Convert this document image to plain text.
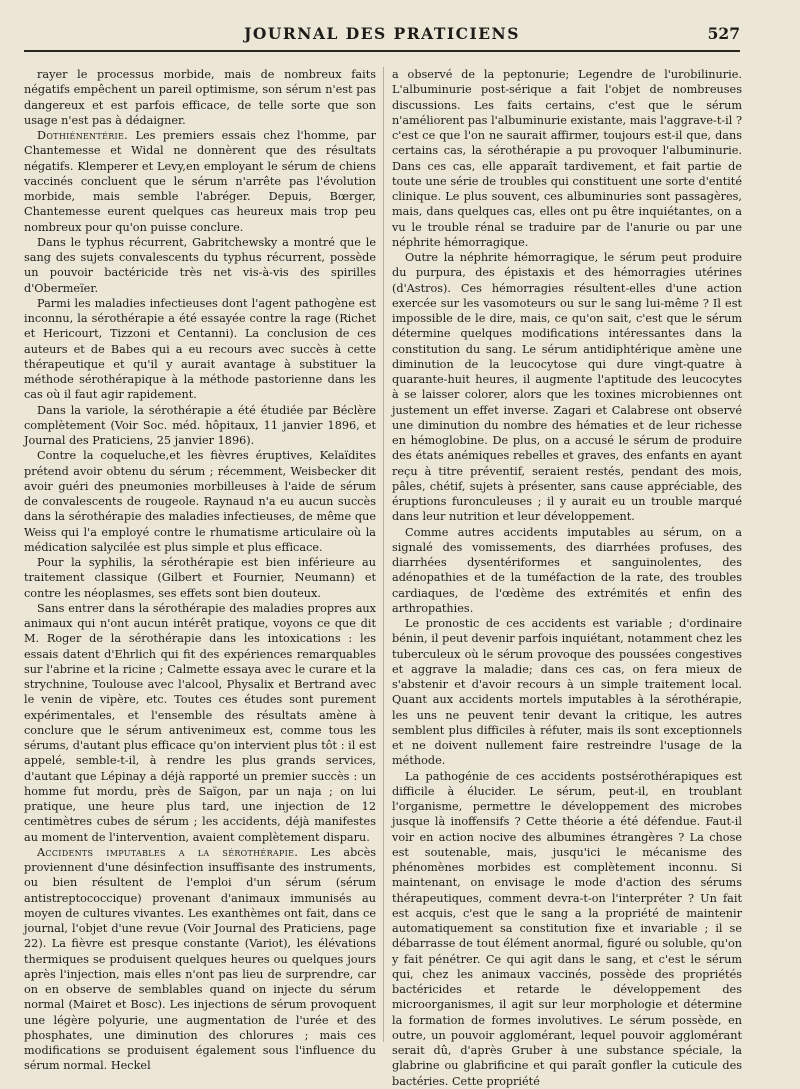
JOURNAL DES PRATICIENS	527

rayer le processus morbide, mais de nombreux faits négatifs empêchent un pareil optimisme, son sérum n'est pas dangereux et est parfois efficace, de telle sorte que son usage n'est pas à dédaigner.

Dothiénentérie. Les premiers essais chez l'homme, par Chantemesse et Widal ne donnèrent que des résultats négatifs. Klemperer et Levy,en employant le sérum de chiens vaccinés concluent que le sérum n'arrête pas l'évolution morbide, mais semble l'abréger. Depuis, Bœrger, Chantemesse eurent quelques cas heureux mais trop peu nombreux pour qu'on puisse conclure.

Dans le typhus récurrent, Gabritchewsky a montré que le sang des sujets convalescents du typhus récurrent, possède un pouvoir bactéricide très net vis-à-vis des spirilles d'Obermeïer.

Parmi les maladies infectieuses dont l'agent pathogène est inconnu, la sérothérapie a été essayée contre la rage (Richet et Hericourt, Tizzoni et Centanni). La conclusion de ces auteurs et de Babes qui a eu recours avec succès à cette thérapeutique et qu'il y aurait avantage à substituer la méthode sérothérapique à la méthode pastorienne dans les cas où il faut agir rapidement.

Dans la variole, la sérothérapie a été étudiée par Béclère complètement (Voir Soc. méd. hôpitaux, 11 janvier 1896, et Journal des Praticiens, 25 janvier 1896).

Contre la coqueluche,et les fièvres éruptives, Kelaïdites prétend avoir obtenu du sérum ; récemment, Weisbecker dit avoir guéri des pneumonies morbilleuses à l'aide de sérum de convalescents de rougeole. Raynaud n'a eu aucun succès dans la sérothérapie des maladies infectieuses, de même que Weiss qui l'a employé contre le rhumatisme articulaire où la médication salycilée est plus simple et plus efficace.

Pour la syphilis, la sérothérapie est bien inférieure au traitement classique (Gilbert et Fournier, Neumann) et contre les néoplasmes, ses effets sont bien douteux.

Sans entrer dans la sérothérapie des maladies propres aux animaux qui n'ont aucun intérêt pratique, voyons ce que dit M. Roger de la sérothérapie dans les intoxications : les essais datent d'Ehrlich qui fit des expériences remarquables sur l'abrine et la ricine ; Calmette essaya avec le curare et la strychnine, Toulouse avec l'alcool, Physalix et Bertrand avec le venin de vipère, etc. Toutes ces études sont purement expérimentales, et l'ensemble des résultats amène à conclure que le sérum antivenimeux est, comme tous les sérums, d'autant plus efficace qu'on intervient plus tôt : il est appelé, semble-t-il, à rendre les plus grands services, d'autant que Lépinay a déjà rapporté un premier succès : un homme fut mordu, près de Saïgon, par un naja ; on lui pratique, une heure plus tard, une injection de 12 centimètres cubes de sérum ; les accidents, déjà manifestes au moment de l'intervention, avaient complètement disparu.

Accidents imputables a la sérothérapie. Les abcès proviennent d'une désinfection insuffisante des instruments, ou bien résultent de l'emploi d'un sérum (sérum antistreptococcique) provenant d'animaux immunisés au moyen de cultures vivantes. Les exanthèmes ont fait, dans ce journal, l'objet d'une revue (Voir Journal des Praticiens, page 22). La fièvre est presque constante (Variot), les élévations thermiques se produisent quelques heures ou quelques jours après l'injection, mais elles n'ont pas lieu de surprendre, car on en observe de semblables quand on injecte du sérum normal (Mairet et Bosc). Les injections de sérum provoquent une légère polyurie, une augmentation de l'urée et des phosphates, une diminution des chlorures ; mais ces modifications se produisent également sous l'influence du sérum normal. Heckel

a observé de la peptonurie; Legendre de l'urobilinurie. L'albuminurie post-sérique a fait l'objet de nombreuses discussions. Les faits certains, c'est que le sérum n'améliorent pas l'albuminurie existante, mais l'aggrave-t-il ? c'est ce que l'on ne saurait affirmer, toujours est-il que, dans certains cas, la sérothérapie a pu provoquer l'albuminurie. Dans ces cas, elle apparaît tardivement, et fait partie de toute une série de troubles qui constituent une sorte d'entité clinique. Le plus souvent, ces albuminuries sont passagères, mais, dans quelques cas, elles ont pu être inquiétantes, on a vu le trouble rénal se traduire par de l'anurie ou par une néphrite hémorragique.

Outre la néphrite hémorragique, le sérum peut produire du purpura, des épistaxis et des hémorragies utérines (d'Astros). Ces hémorragies résultent-elles d'une action exercée sur les vasomoteurs ou sur le sang lui-même ? Il est impossible de le dire, mais, ce qu'on sait, c'est que le sérum détermine quelques modifications intéressantes dans la constitution du sang. Le sérum antidiphtérique amène une diminution de la leucocytose qui dure vingt-quatre à quarante-huit heures, il augmente l'aptitude des leucocytes à se laisser colorer, alors que les toxines microbiennes ont justement un effet inverse. Zagari et Calabrese ont observé une diminution du nombre des hématies et de leur richesse en hémoglobine. De plus, on a accusé le sérum de produire des états anémiques rebelles et graves, des enfants en ayant reçu à titre préventif, seraient restés, pendant des mois, pâles, chétif, sujets à présenter, sans cause appréciable, des éruptions furonculeuses ; il y aurait eu un trouble marqué dans leur nutrition et leur développement.

Comme autres accidents imputables au sérum, on a signalé des vomissements, des diarrhées profuses, des diarrhées dysentériformes et sanguinolentes, des adénopathies et de la tuméfaction de la rate, des troubles cardiaques, de l'œdème des extrémités et enfin des arthropathies.

Le pronostic de ces accidents est variable ; d'ordinaire bénin, il peut devenir parfois inquiétant, notamment chez les tuberculeux où le sérum provoque des poussées congestives et aggrave la maladie; dans ces cas, on fera mieux de s'abstenir et d'avoir recours à un simple traitement local. Quant aux accidents mortels imputables à la sérothérapie, les uns ne peuvent tenir devant la critique, les autres semblent plus difficiles à réfuter, mais ils sont exceptionnels et ne doivent nullement faire restreindre l'usage de la méthode.

La pathogénie de ces accidents postsérothérapiques est difficile à élucider. Le sérum, peut-il, en troublant l'organisme, permettre le développement des microbes jusque là inoffensifs ? Cette théorie a été défendue. Faut-il voir en action nocive des albumines étrangères ? La chose est soutenable, mais, jusqu'ici le mécanisme des phénomènes morbides est complètement inconnu. Si maintenant, on envisage le mode d'action des sérums thérapeutiques, comment devra-t-on l'interpréter ? Un fait est acquis, c'est que le sang a la propriété de maintenir automatiquement sa constitution fixe et invariable ; il se débarrasse de tout élément anormal, figuré ou soluble, qu'on y fait pénétrer. Ce qui agit dans le sang, et c'est le sérum qui, chez les animaux vaccinés, possède des propriétés bactéricides et retarde le développement des microorganismes, il agit sur leur morphologie et détermine la formation de formes involutives. Le sérum possède, en outre, un pouvoir agglomérant, lequel pouvoir agglomérant serait dû, d'après Gruber à une substance spéciale, la glabrine ou glabrificine et qui paraît gonfler la cuticule des bactéries. Cette propriété
